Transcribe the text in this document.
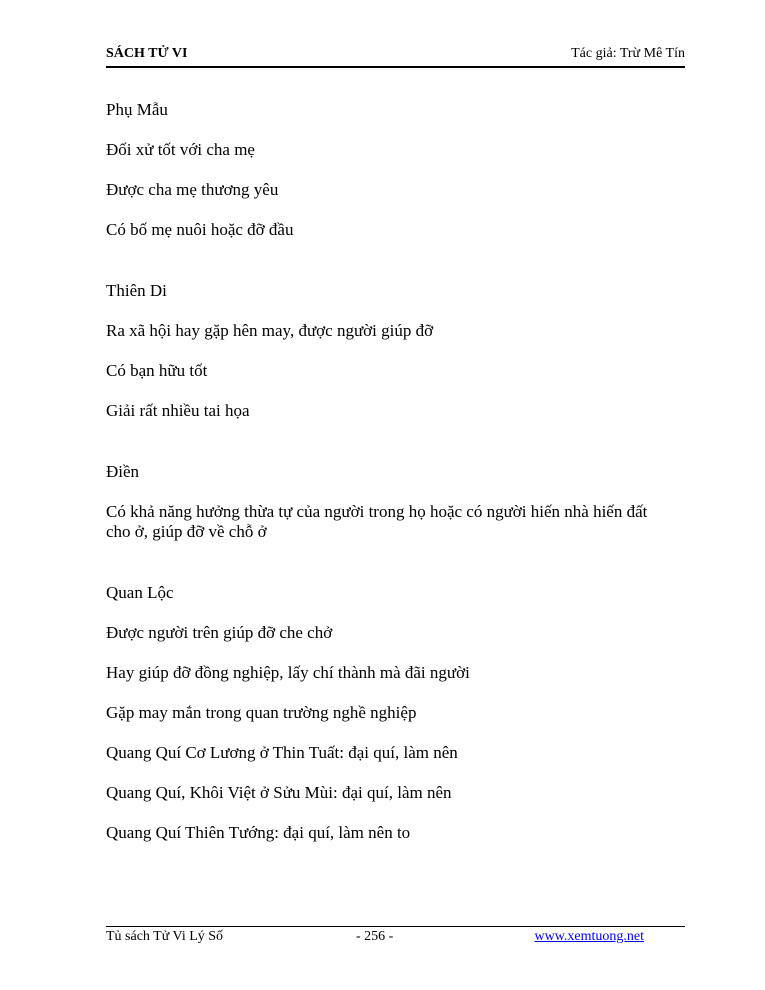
SÁCH TỬ VI	Tác giả: Trừ Mê Tín

Phụ Mẫu

Đối xử tốt với cha mẹ

Được cha mẹ thương yêu

Có bố mẹ nuôi hoặc đỡ đầu

Thiên Di

Ra xã hội hay gặp hên may, được người giúp đỡ

Có bạn hữu tốt

Giải rất nhiều tai họa

Điền

Có khả năng hưởng thừa tự của người trong họ hoặc có người hiến nhà hiến đất

cho ở, giúp đỡ về chỗ ở

Quan Lộc

Được người trên giúp đỡ che chở

Hay giúp đỡ đồng nghiệp, lấy chí thành mà đãi người

Gặp may mắn trong quan trường nghề nghiệp

Quang Quí Cơ Lương ở Thin Tuất: đại quí, làm nên

Quang Quí, Khôi Việt ở Sửu Mùi: đại quí, làm nên

Quang Quí Thiên Tướng: đại quí, làm nên to

Tủ sách Tử Vi Lý Số	- 256 -	www.xemtuong.net
